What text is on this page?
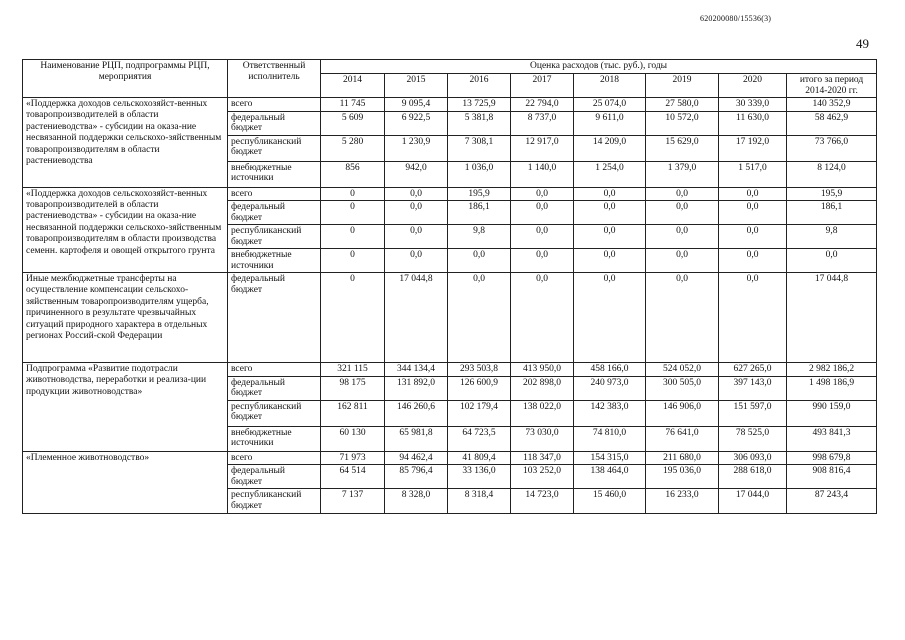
620200080/15536(3)
49
Наименование РЦП, подпрограммы РЦП, мероприятия	Ответственный исполнитель	Оценка расходов (тыс. руб.), годы							
		2014	2015	2016	2017	2018	2019	2020	итого за период 2014-2020 гг.
«Поддержка доходов сельскохозяйст-венных товаропроизводителей в области растениеводства» - субсидии на оказа-ние несвязанной поддержки сельскохо-зяйственным товаропроизводителям в области растениеводства	всего	11 745	9 095,4	13 725,9	22 794,0	25 074,0	27 580,0	30 339,0	140 352,9
	федеральный бюджет	5 609	6 922,5	5 381,8	8 737,0	9 611,0	10 572,0	11 630,0	58 462,9
	республиканский бюджет	5 280	1 230,9	7 308,1	12 917,0	14 209,0	15 629,0	17 192,0	73 766,0
	внебюджетные источники	856	942,0	1 036,0	1 140,0	1 254,0	1 379,0	1 517,0	8 124,0
«Поддержка доходов сельскохозяйст-венных товаропроизводителей в области растениеводства» - субсидии на оказа-ние несвязанной поддержки сельскохо-зяйственным товаропроизводителям в области производства семенн. картофеля и овощей открытого грунта	всего	0	0,0	195,9	0,0	0,0	0,0	0,0	195,9
	федеральный бюджет	0	0,0	186,1	0,0	0,0	0,0	0,0	186,1
	республиканский бюджет	0	0,0	9,8	0,0	0,0	0,0	0,0	9,8
	внебюджетные источники	0	0,0	0,0	0,0	0,0	0,0	0,0	0,0
Иные межбюджетные трансферты на осуществление компенсации сельскохо-зяйственным товаропроизводителям ущерба, причиненного в результате чрезвычайных ситуаций природного характера в отдельных регионах Россий-ской Федерации	федеральный бюджет	0	17 044,8	0,0	0,0	0,0	0,0	0,0	17 044,8
Подпрограмма «Развитие подотрасли животноводства, переработки и реализа-ции продукции животноводства»	всего	321 115	344 134,4	293 503,8	413 950,0	458 166,0	524 052,0	627 265,0	2 982 186,2
	федеральный бюджет	98 175	131 892,0	126 600,9	202 898,0	240 973,0	300 505,0	397 143,0	1 498 186,9
	республиканский бюджет	162 811	146 260,6	102 179,4	138 022,0	142 383,0	146 906,0	151 597,0	990 159,0
	внебюджетные источники	60 130	65 981,8	64 723,5	73 030,0	74 810,0	76 641,0	78 525,0	493 841,3
«Племенное животноводство»	всего	71 973	94 462,4	41 809,4	118 347,0	154 315,0	211 680,0	306 093,0	998 679,8
	федеральный бюджет	64 514	85 796,4	33 136,0	103 252,0	138 464,0	195 036,0	288 618,0	908 816,4
	республиканский бюджет	7 137	8 328,0	8 318,4	14 723,0	15 460,0	16 233,0	17 044,0	87 243,4
